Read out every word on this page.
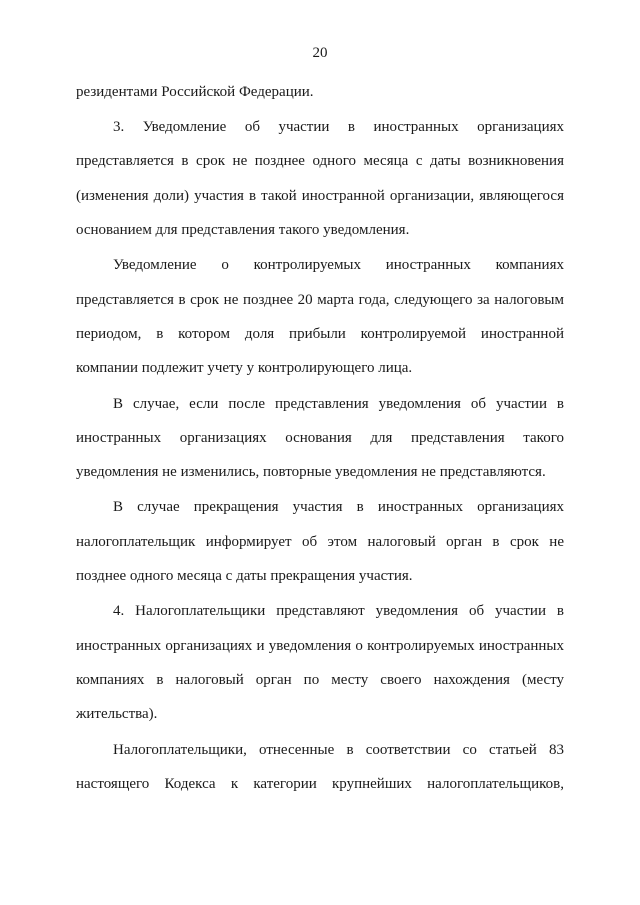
20
резидентами Российской Федерации.
3. Уведомление об участии в иностранных организациях
представляется в срок не позднее одного месяца с даты возникновения
(изменения доли) участия в такой иностранной организации, являющегося
основанием для представления такого уведомления.
Уведомление о контролируемых иностранных компаниях
представляется в срок не позднее 20 марта года, следующего за налоговым
периодом, в котором доля прибыли контролируемой иностранной
компании подлежит учету у контролирующего лица.
В случае, если после представления уведомления об участии в
иностранных организациях основания для представления такого
уведомления не изменились, повторные уведомления не представляются.
В случае прекращения участия в иностранных организациях
налогоплательщик информирует об этом налоговый орган в срок не
позднее одного месяца с даты прекращения участия.
4. Налогоплательщики представляют уведомления об участии в
иностранных организациях и уведомления о контролируемых иностранных
компаниях в налоговый орган по месту своего нахождения (месту
жительства).
Налогоплательщики, отнесенные в соответствии со статьей 83
настоящего Кодекса к категории крупнейших налогоплательщиков,
